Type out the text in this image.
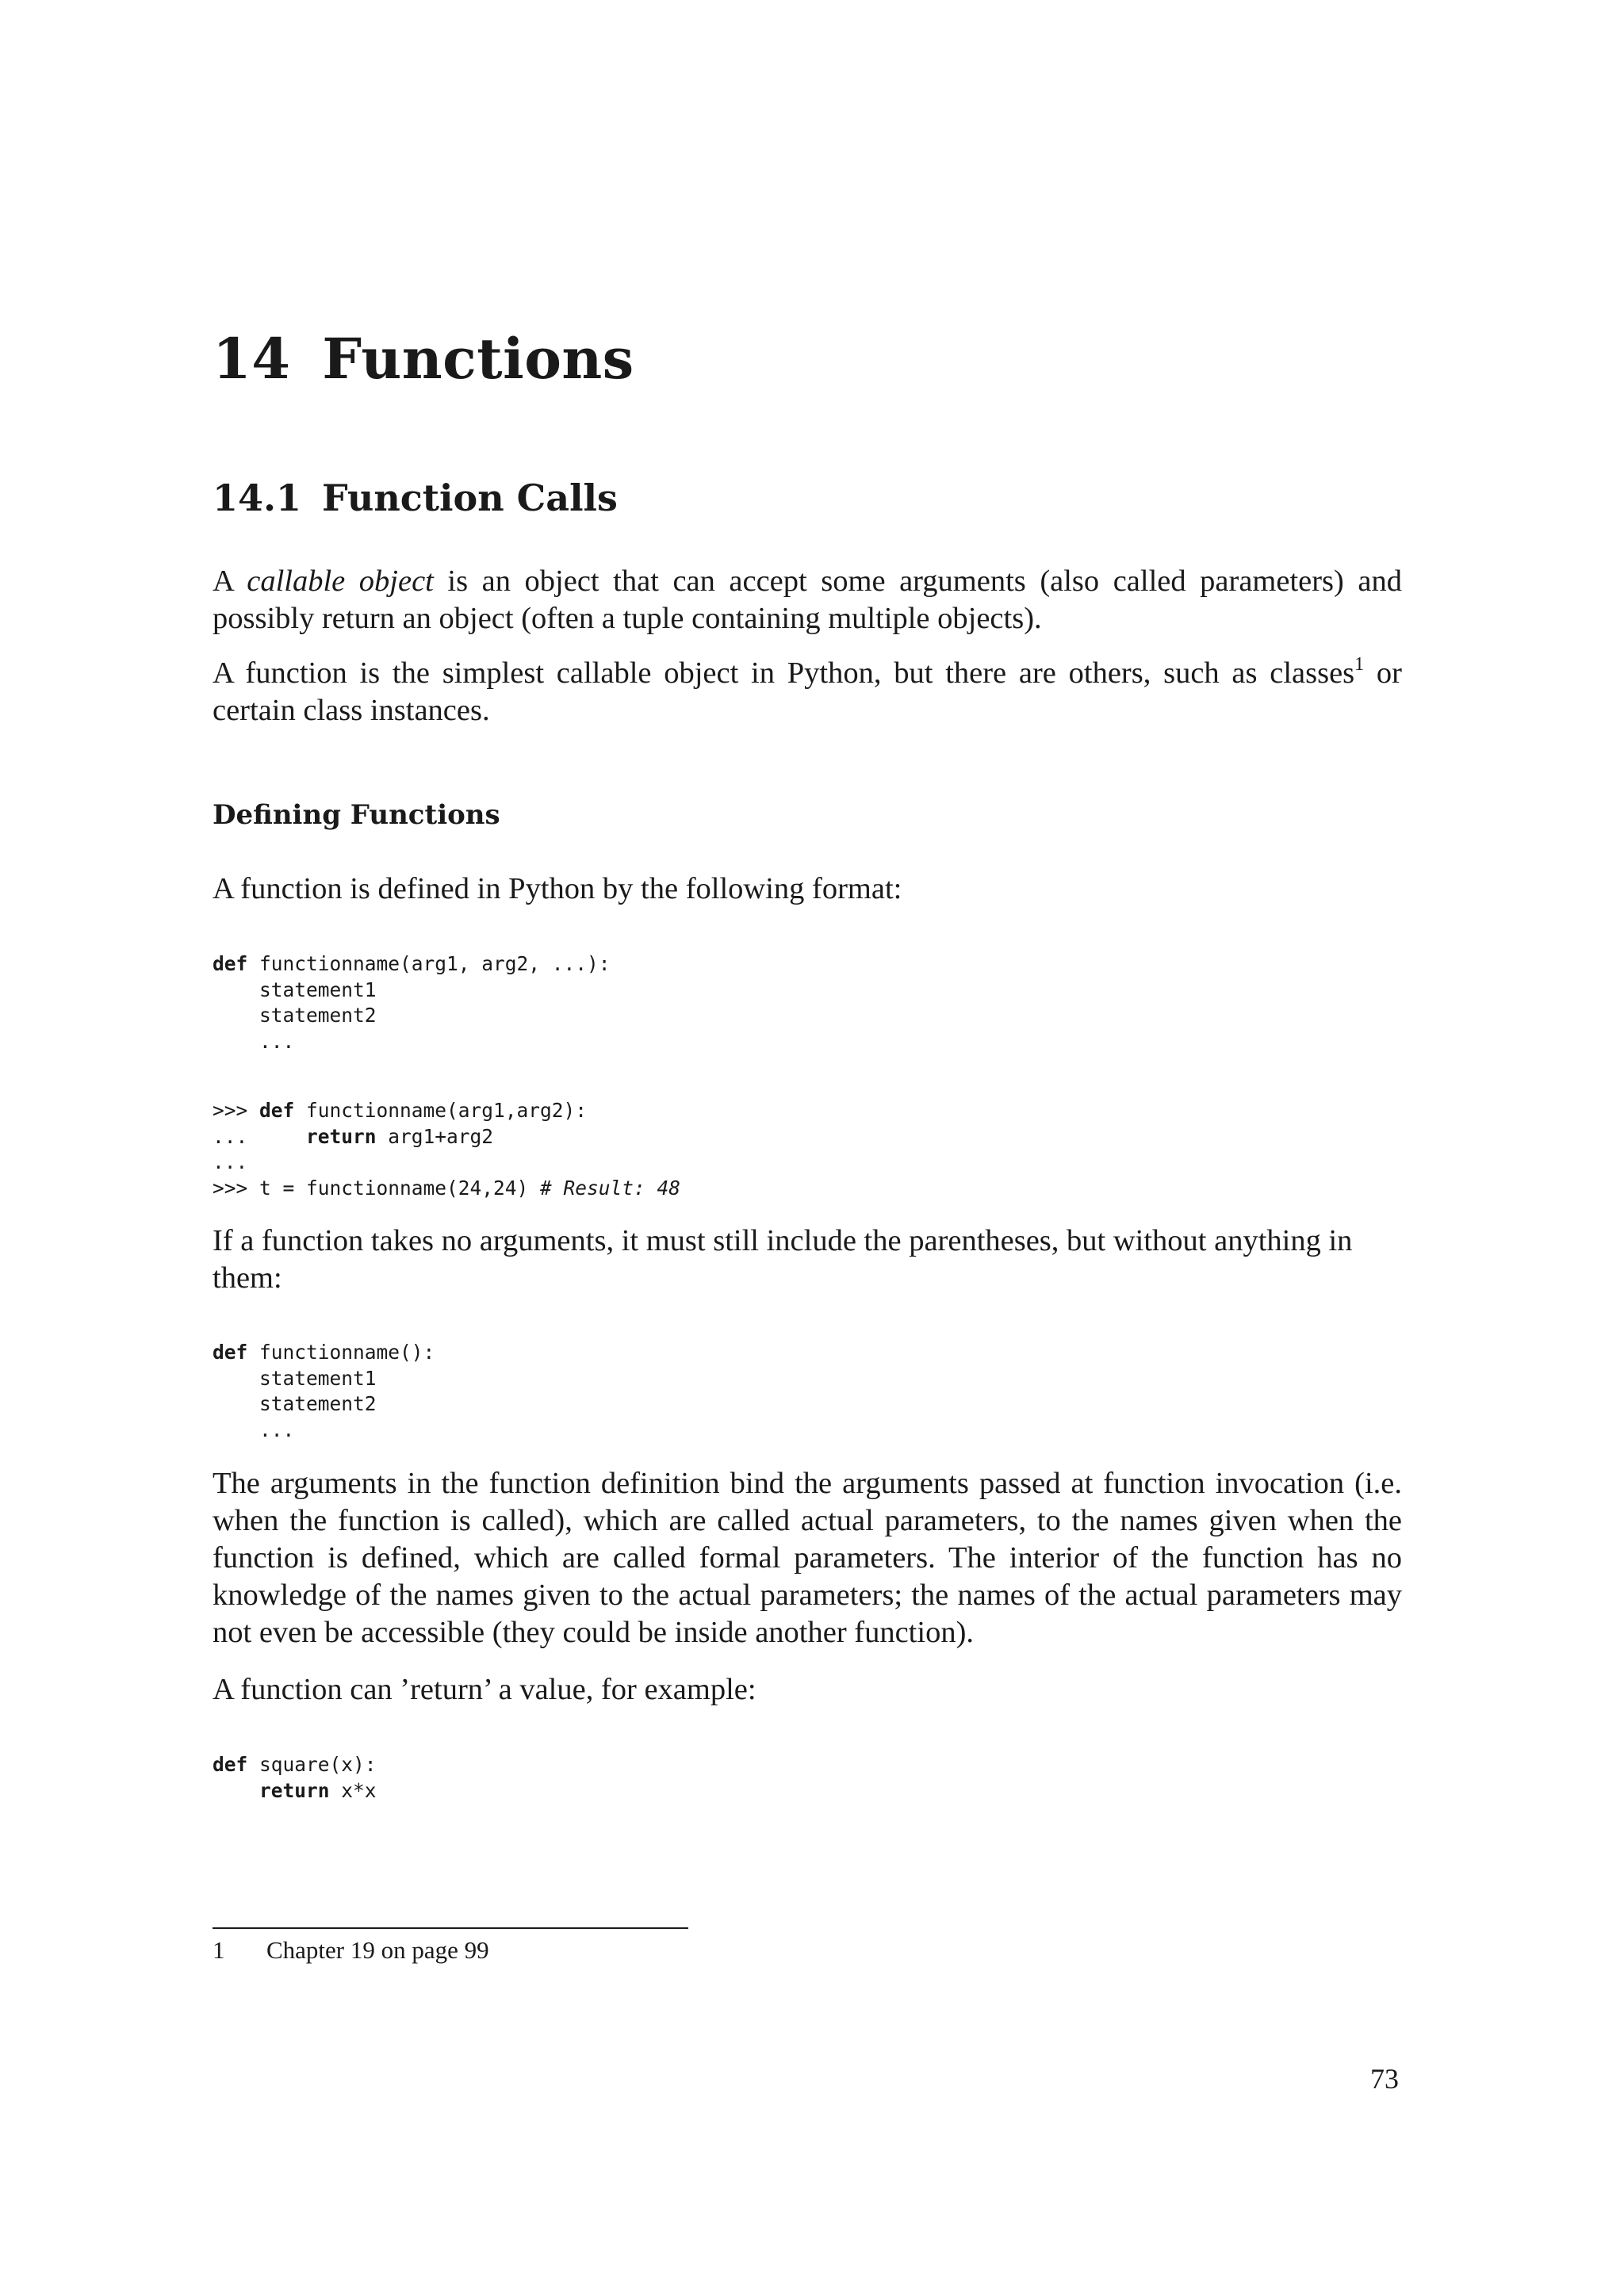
14 Functions
14.1 Function Calls

A callable object is an object that can accept some arguments (also called parameters) and possibly return an object (often a tuple containing multiple objects).

A function is the simplest callable object in Python, but there are others, such as classes$^1$ or certain class instances.

Defining Functions

A function is defined in Python by the following format:

def functionname(arg1, arg2, ...):
statement1
statement2
...
>>> def functionname(arg1,arg2):
...     return arg1+arg2
...
>>> t = functionname(24,24) # Result: 48

If a function takes no arguments, it must still include the parentheses, but without anything in them:

def functionname():
statement1
statement2
...

The arguments in the function definition bind the arguments passed at function invocation (i.e. when the function is called), which are called actual parameters, to the names given when the function is defined, which are called formal parameters. The interior of the function has no knowledge of the names given to the actual parameters; the names of the actual parameters may not even be accessible (they could be inside another function).

A function can ’return’ a value, for example:

def square(x):
return x*x
1 Chapter 19 on page 99
73
